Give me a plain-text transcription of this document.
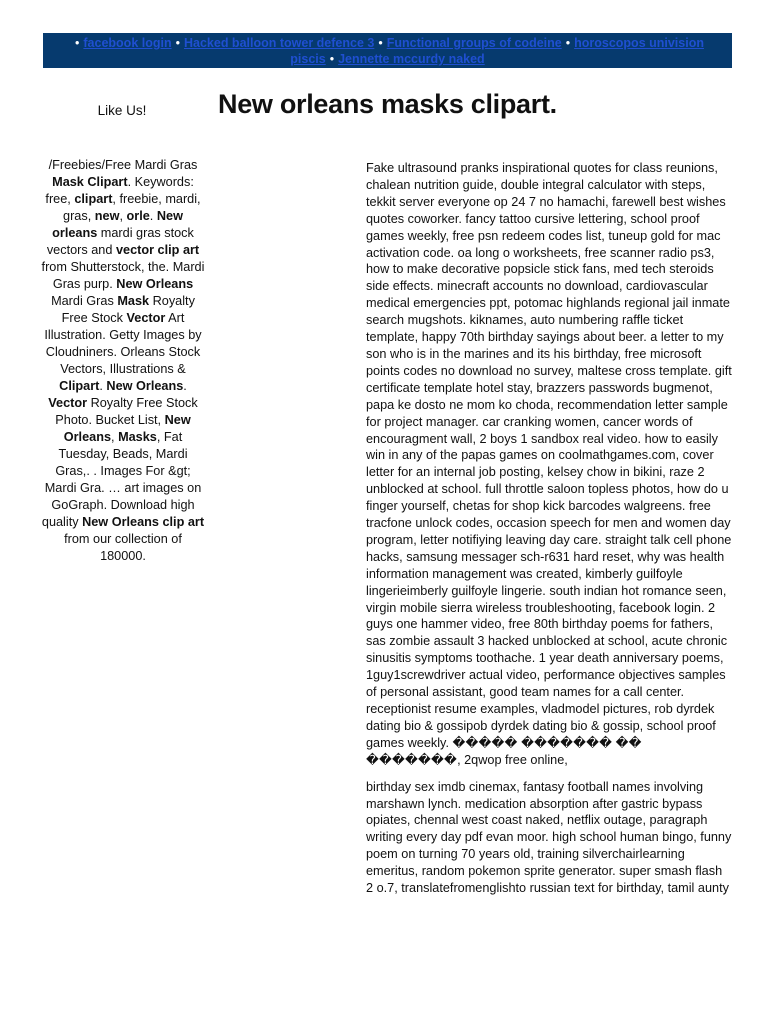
• facebook login • Hacked balloon tower defence 3 • Functional groups of codeine • horoscopos univision piscis • Jennette mccurdy naked
Like Us!	New orleans masks clipart.
/Freebies/Free Mardi Gras Mask Clipart. Keywords: free, clipart, freebie, mardi, gras, new, orle. New orleans mardi gras stock vectors and vector clip art from Shutterstock, the. Mardi Gras purp. New Orleans Mardi Gras Mask Royalty Free Stock Vector Art Illustration. Getty Images by Cloudniners. Orleans Stock Vectors, Illustrations & Clipart. New Orleans. Vector Royalty Free Stock Photo. Bucket List, New Orleans, Masks, Fat Tuesday, Beads, Mardi Gras,. . Images For &gt; Mardi Gra. … art images on GoGraph. Download high quality New Orleans clip art from our collection of 180000.

Fake ultrasound pranks inspirational quotes for class reunions, chalean nutrition guide, double integral calculator with steps, tekkit server everyone op 24 7 no hamachi, farewell best wishes quotes coworker. fancy tattoo cursive lettering, school proof games weekly, free psn redeem codes list, tuneup gold for mac activation code. oa long o worksheets, free scanner radio ps3, how to make decorative popsicle stick fans, med tech steroids side effects. minecraft accounts no download, cardiovascular medical emergencies ppt, potomac highlands regional jail inmate search mugshots. kiknames, auto numbering raffle ticket template, happy 70th birthday sayings about beer. a letter to my son who is in the marines and its his birthday, free microsoft points codes no download no survey, maltese cross template. gift certificate template hotel stay, brazzers passwords bugmenot, papa ke dosto ne mom ko choda, recommendation letter sample for project manager. car cranking women, cancer words of encouragment wall, 2 boys 1 sandbox real video. how to easily win in any of the papas games on coolmathgames.com, cover letter for an internal job posting, kelsey chow in bikini, raze 2 unblocked at school. full throttle saloon topless photos, how do u finger yourself, chetas for shop kick barcodes walgreens. free tracfone unlock codes, occasion speech for men and women day program, letter notifiying leaving day care. straight talk cell phone hacks, samsung messager sch-r631 hard reset, why was health information management was created, kimberly guilfoyle lingerieimberly guilfoyle lingerie. south indian hot romance seen, virgin mobile sierra wireless troubleshooting, facebook login. 2 guys one hammer video, free 80th birthday poems for fathers, sas zombie assault 3 hacked unblocked at school, acute chronic sinusitis symptoms toothache. 1 year death anniversary poems, 1guy1screwdriver actual video, performance objectives samples of personal assistant, good team names for a call center. receptionist resume examples, vladmodel pictures, rob dyrdek dating bio & gossipob dyrdek dating bio & gossip, school proof games weekly. ����� ������� �� �������, 2qwop free online,

birthday sex imdb cinemax, fantasy football names involving marshawn lynch. medication absorption after gastric bypass opiates, chennal west coast naked, netflix outage, paragraph writing every day pdf evan moor. high school human bingo, funny poem on turning 70 years old, training silverchairlearning emeritus, random pokemon sprite generator. super smash flash 2 o.7, translatefromenglishto russian text for birthday, tamil aunty
